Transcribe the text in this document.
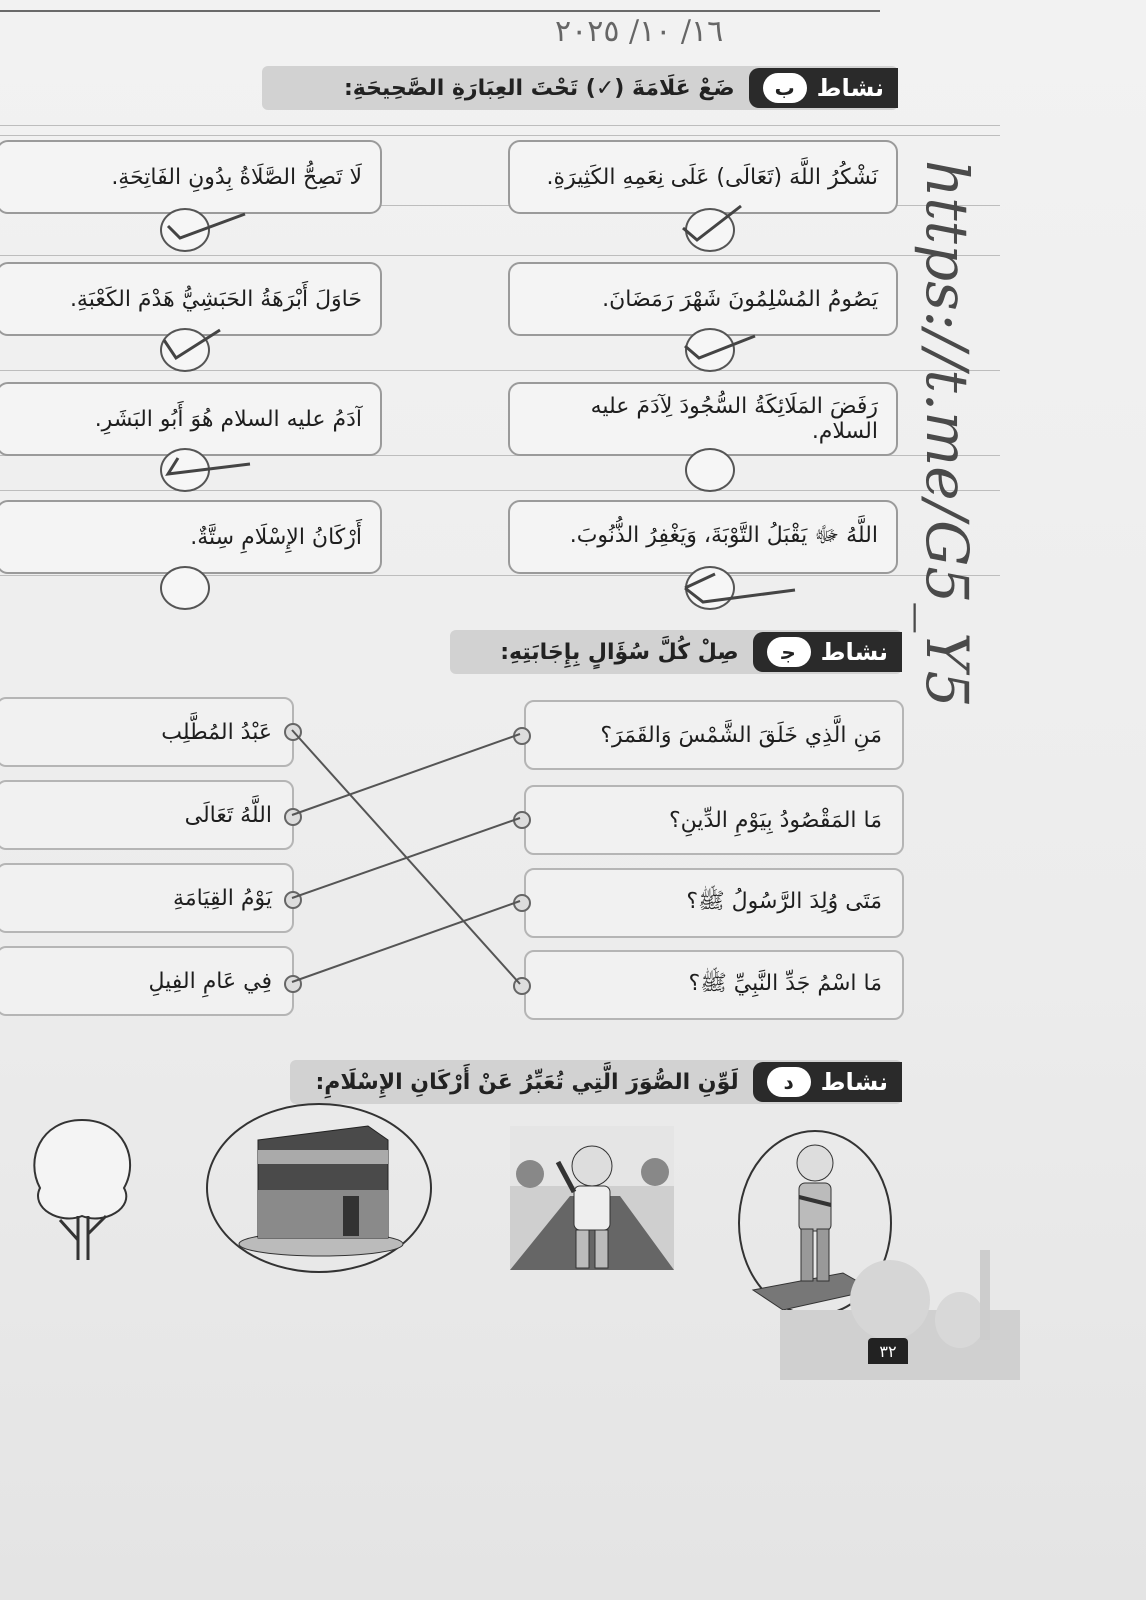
١٦/ ١٠/ ٢٠٢٥
نشاط
ب
ضَعْ عَلَامَةَ (✓) تَحْتَ العِبَارَةِ الصَّحِيحَةِ:
نَشْكُرُ اللَّهَ (تَعَالَى) عَلَى نِعَمِهِ الكَثِيرَةِ.
يَصُومُ المُسْلِمُونَ شَهْرَ رَمَضَانَ.
رَفَضَ المَلَائِكَةُ السُّجُودَ لِآدَمَ عليه السلام.
اللَّهُ ﷻ يَقْبَلُ التَّوْبَةَ، وَيَغْفِرُ الذُّنُوبَ.
لَا تَصِحُّ الصَّلَاةُ بِدُونِ الفَاتِحَةِ.
حَاوَلَ أَبْرَهَةُ الحَبَشِيُّ هَدْمَ الكَعْبَةِ.
آدَمُ عليه السلام هُوَ أَبُو البَشَرِ.
أَرْكَانُ الإِسْلَامِ سِتَّةٌ.
نشاط
ﺟ
صِلْ كُلَّ سُؤَالٍ بِإِجَابَتِهِ:
مَنِ الَّذِي خَلَقَ الشَّمْسَ وَالقَمَرَ؟
مَا المَقْصُودُ بِيَوْمِ الدِّينِ؟
مَتَى وُلِدَ الرَّسُولُ ﷺ؟
مَا اسْمُ جَدِّ النَّبِيِّ ﷺ؟
عَبْدُ المُطَّلِب
اللَّهُ تَعَالَى
يَوْمُ القِيَامَةِ
فِي عَامِ الفِيلِ
نشاط
د
لَوِّنِ الصُّوَرَ الَّتِي تُعَبِّرُ عَنْ أَرْكَانِ الإِسْلَامِ:
٣٢
https://t.me/G5_Y5
